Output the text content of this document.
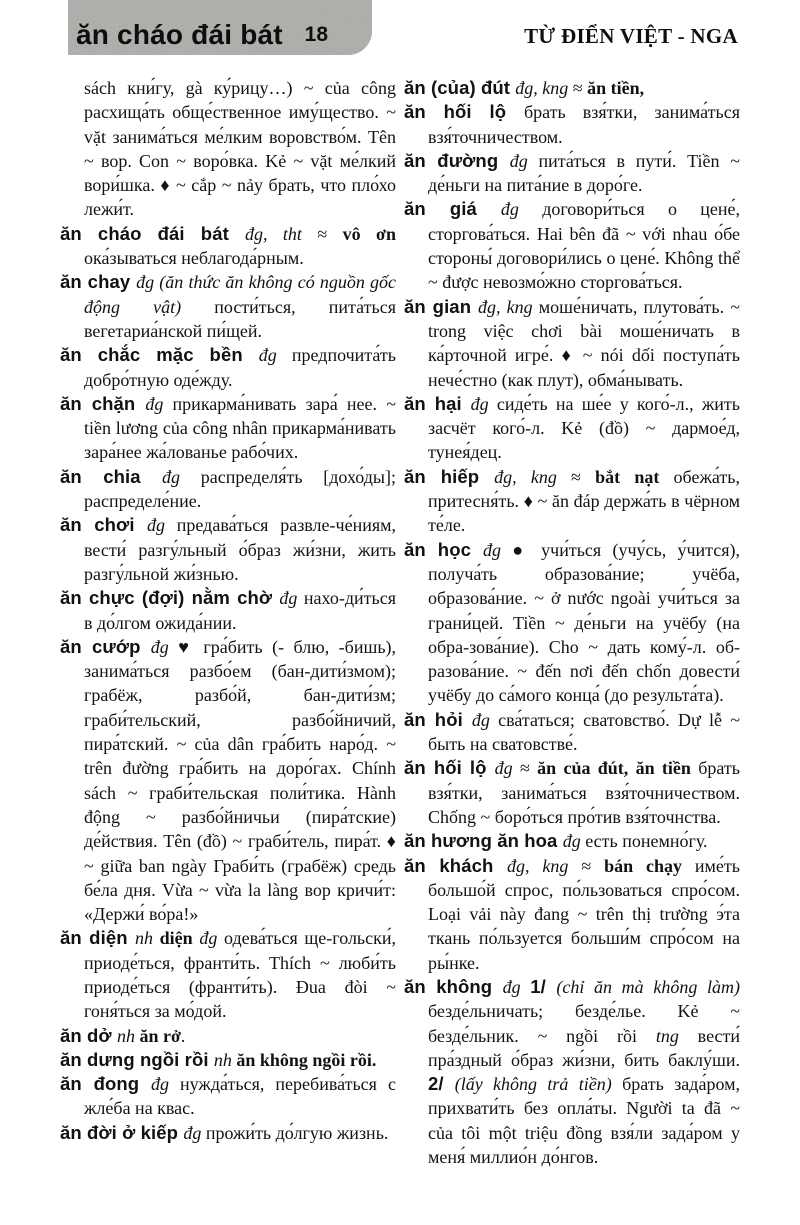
ăn cháo đái bát 18	TỪ ĐIỂN VIỆT - NGA
sách кни́гу, gà ку́рицу…) ~ của công расхища́ть обще́ственное иму́щество. ~ vặt занима́ться ме́лким воровство́м. Tên ~ вор. Con ~ воро́вка. Kẻ ~ vặt ме́лкий вори́шка. ♦ ~ cắp ~ nảy брать, что пло́хо лежи́т.
ăn cháo đái bát đg, tht ≈ vô ơn ока́зываться неблагода́рным.
ăn chay đg (ăn thức ăn không có nguồn gốc động vật) пости́ться, пита́ться вегетариа́нской пи́щей.
ăn chắc mặc bền đg предпочита́ть добро́тную оде́жду.
ăn chặn đg прикарма́нивать зара́ нее. ~ tiền lương của công nhân прикарма́нивать зара́нее жа́лованье рабо́чих.
ăn chia đg распределя́ть [дохо́ды]; распределе́ние.
ăn chơi đg предава́ться развле-че́ниям, вести́ разгу́льный о́браз жи́зни, жить разгу́льной жи́знью.
ăn chực (đợi) nằm chờ đg нахо-ди́ться в до́лгом ожида́нии.
ăn cướp đg ♥ гра́бить (- блю, -бишь), занима́ться разбо́ем (бан-дити́змом); грабёж, разбо́й, бан-дити́зм; граби́тельский, разбо́йничий, пира́тский. ~ của dân гра́бить наро́д. ~ trên đường гра́бить на доро́гах. Chính sách ~ граби́тельская поли́тика. Hành động ~ разбо́йничьи (пира́тские) де́йствия. Tên (đồ) ~ граби́тель, пира́т. ♦ ~ giữa ban ngày Граби́ть (грабёж) средь бе́ла дня. Vừa ~ vừa la làng вор кричи́т: «Держи́ во́ра!»
ăn diện nh diện đg одева́ться ще-гольски́, приоде́ться, франти́ть. Thích ~ люби́ть приоде́ться (франти́ть). Đua đòi ~ гоня́ться за мо́дой.
ăn dở nh ăn rở.
ăn dưng ngồi rồi nh ăn không ngồi rồi.
ăn đong đg нужда́ться, перебива́ться с жле́ба на квас.
ăn đời ở kiếp đg прожи́ть до́лгую жизнь.
ăn (của) đút đg, kng ≈ ăn tiền,
ăn hối lộ брать взя́тки, занима́ться взя́точничеством.
ăn đường đg пита́ться в пути́. Tiền ~ де́ньги на пита́ние в доро́ге.
ăn giá đg договори́ться о цене́, сторгова́ться. Hai bên đã ~ với nhau о́бе стороны́ договори́лись о цене́. Không thể ~ được невозмо́жно сторгова́ться.
ăn gian đg, kng моше́ничать, плутова́ть. ~ trong việc chơi bài моше́ничать в ка́рточной игре́. ♦ ~ nói dối поступа́ть нече́стно (как плут), обма́нывать.
ăn hại đg сиде́ть на ше́е у кого́-л., жить засчёт кого́-л. Kẻ (đồ) ~ дармое́д, тунея́дец.
ăn hiếp đg, kng ≈ bắt nạt обежа́ть, притесня́ть. ♦ ~ ăn đáp держа́ть в чёрном те́ле.
ăn học đg ● учи́ться (учу́сь, у́чится), получа́ть образова́ние; учёба, образова́ние. ~ ở nước ngoài учи́ться за грани́цей. Tiền ~ де́ньги на учёбу (на обра-зова́ние). Cho ~ дать кому́-л. об-разова́ние. ~ đến nơi đến chốn довести́ учёбу до са́мого конца́ (до результа́та).
ăn hỏi đg сва́таться; сватовство́. Dự lễ ~ быть на сватовстве́.
ăn hối lộ đg ≈ ăn của đút, ăn tiền брать взя́тки, занима́ться взя́точничеством. Chống ~ боро́ться про́тив взя́точнства.
ăn hương ăn hoa đg есть понемно́гу.
ăn khách đg, kng ≈ bán chạy име́ть большо́й спрос, по́льзоваться спро́сом. Loại vải này đang ~ trên thị trường э́та ткань по́льзуется больши́м спро́сом на ры́нке.
ăn không đg 1/ (chỉ ăn mà không làm) безде́льничать; безде́лье. Kẻ ~ безде́льник. ~ ngồi rồi tng вести́ пра́здный о́браз жи́зни, бить баклу́ши. 2/ (lấy không trả tiền) брать зада́ром, прихвати́ть без опла́ты. Người ta đã ~ của tôi một triệu đồng взя́ли зада́ром у меня́ миллио́н до́нгов.
